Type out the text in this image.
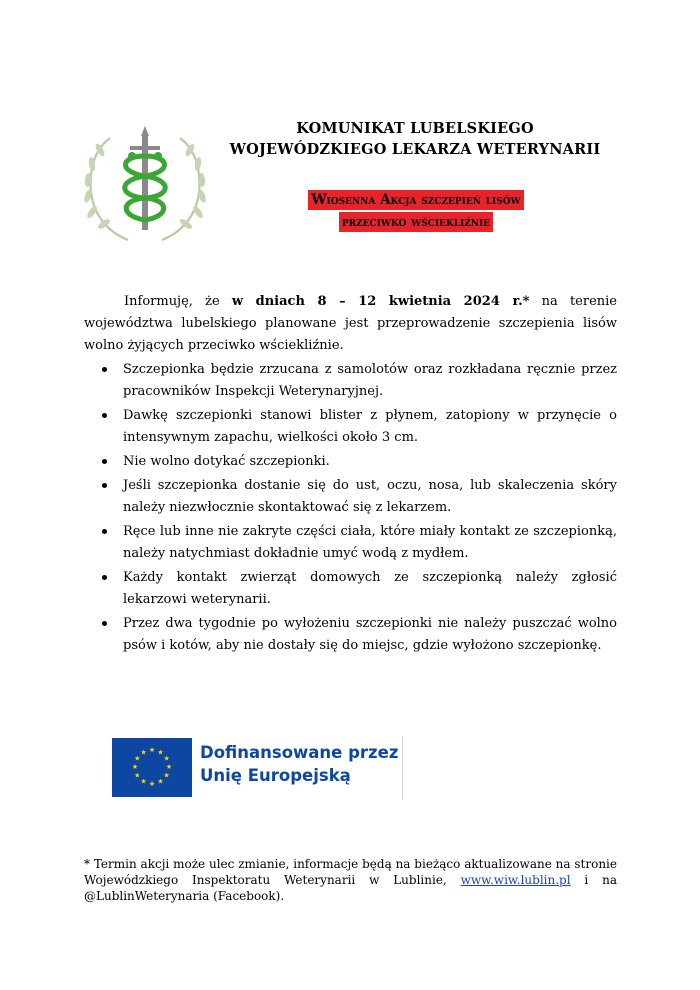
KOMUNIKAT LUBELSKIEGO
WOJEWÓDZKIEGO LEKARZA WETERYNARII
Wiosenna Akcja szczepień lisów
przeciwko wściekliźnie

Informuję, że w dniach 8 – 12 kwietnia 2024 r.* na terenie województwa lubelskiego planowane jest przeprowadzenie szczepienia lisów wolno żyjących przeciwko wściekliźnie.

Szczepionka będzie zrzucana z samolotów oraz rozkładana ręcznie przez pracowników Inspekcji Weterynaryjnej.
Dawkę szczepionki stanowi blister z płynem, zatopiony w przynęcie o intensywnym zapachu, wielkości około 3 cm.
Nie wolno dotykać szczepionki.
Jeśli szczepionka dostanie się do ust, oczu, nosa, lub skaleczenia skóry należy niezwłocznie skontaktować się z lekarzem.
Ręce lub inne nie zakryte części ciała, które miały kontakt ze szczepionką, należy natychmiast dokładnie umyć wodą z mydłem.
Każdy kontakt zwierząt domowych ze szczepionką należy zgłosić lekarzowi weterynarii.
Przez dwa tygodnie po wyłożeniu szczepionki nie należy puszczać wolno psów i kotów, aby nie dostały się do miejsc, gdzie wyłożono szczepionkę.
★ ★
★
★
★
★
★
★
★
★
★
★	Dofinansowane przez
Unię Europejską
* Termin akcji może ulec zmianie, informacje będą na bieżąco aktualizowane na stronie Wojewódzkiego Inspektoratu Weterynarii w Lublinie, www.wiw.lublin.pl i na @LublinWeterynaria (Facebook).
